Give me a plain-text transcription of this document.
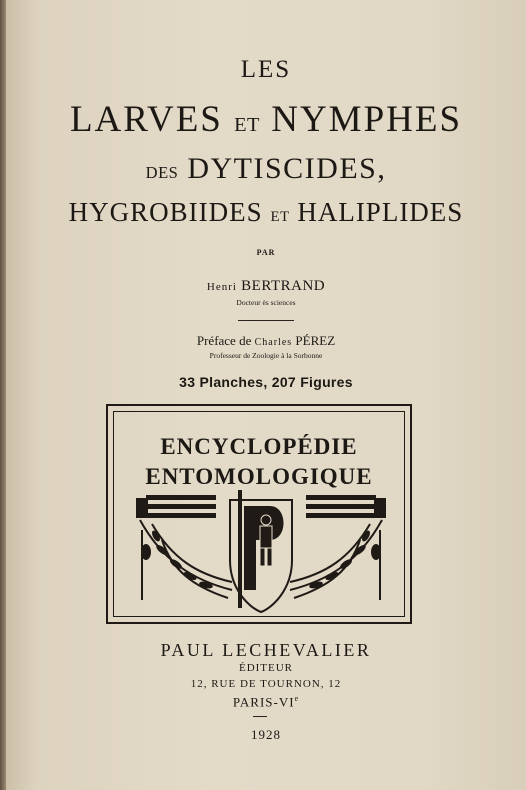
LES
LARVES ET NYMPHES
DES DYTISCIDES,
HYGROBIIDES ET HALIPLIDES
PAR
Henri BERTRAND
Docteur ès sciences
Préface de Charles PÉREZ
Professeur de Zoologie à la Sorbonne
33 Planches, 207 Figures
ENCYCLOPÉDIE
ENTOMOLOGIQUE
PAUL LECHEVALIER
ÉDITEUR
12, RUE DE TOURNON, 12
PARIS-VIe
1928
